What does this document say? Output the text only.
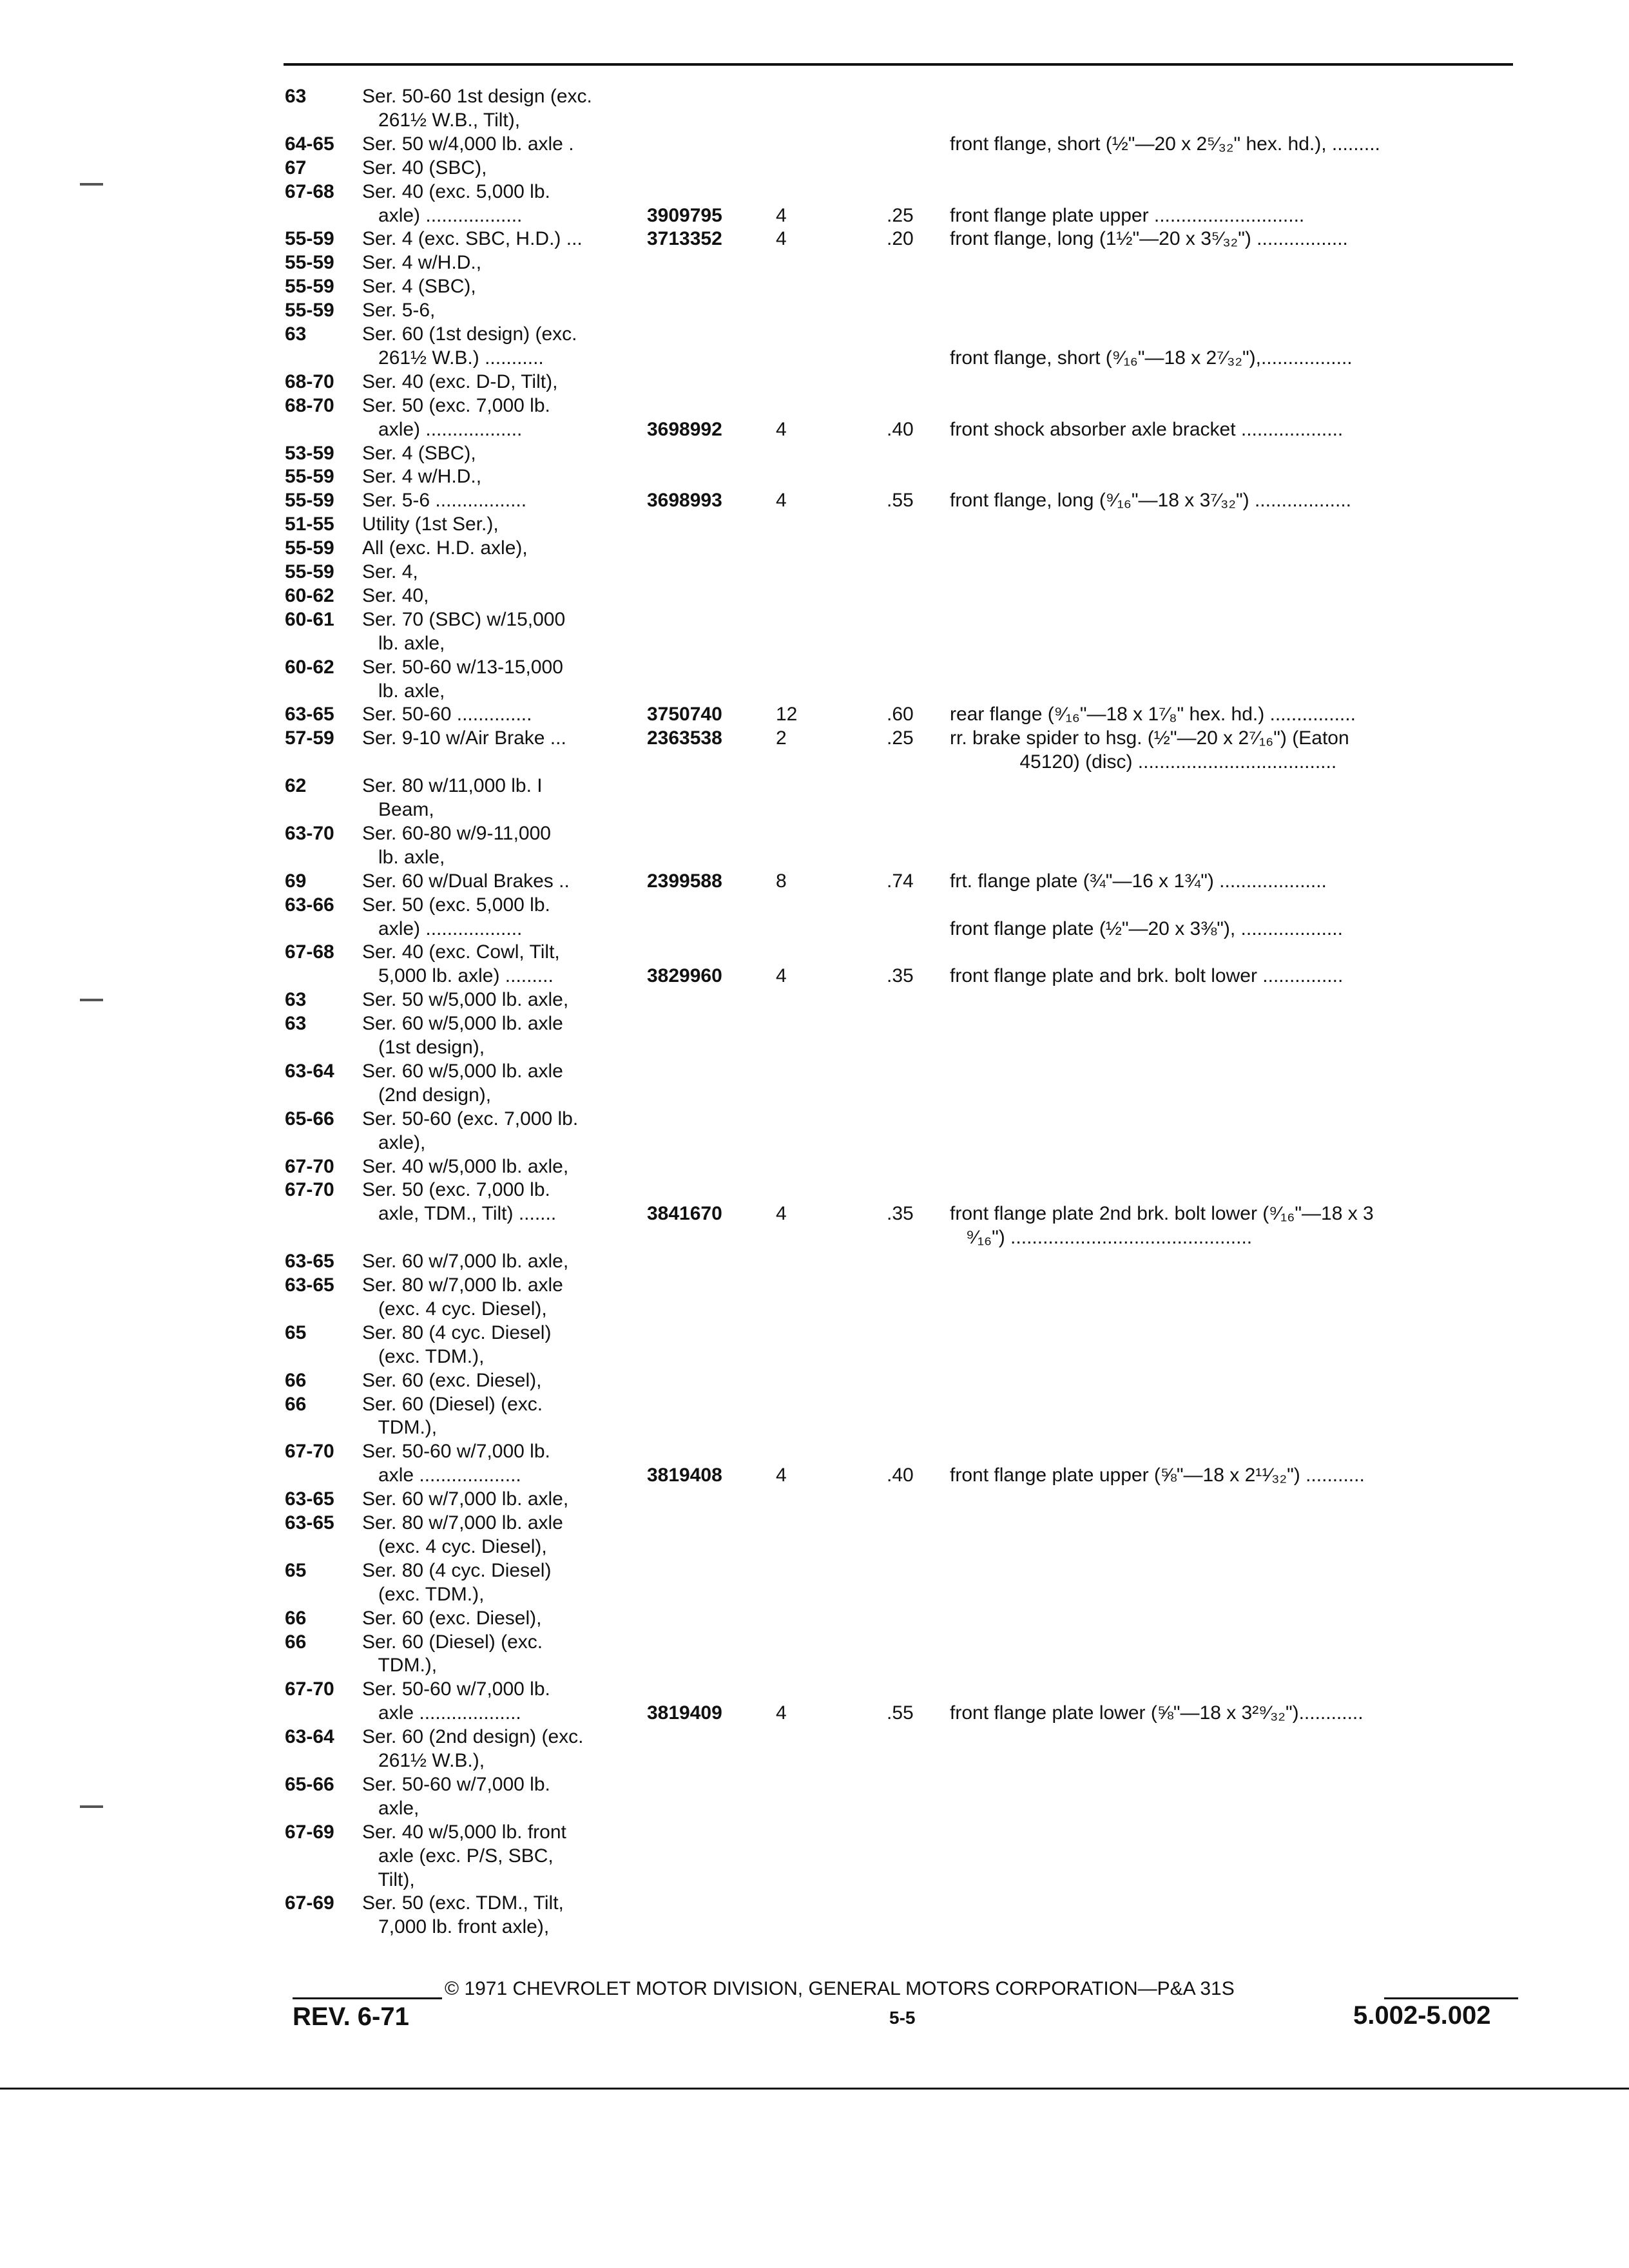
63	Ser. 50-60 1st design (exc.
261½ W.B., Tilt),
64-65 Ser. 50 w/4,000 lb. axle .	front flange, short (½"—20 x 2⁵⁄₃₂" hex. hd.), .........
67	Ser. 40 (SBC),
67-68 Ser. 40 (exc. 5,000 lb.
axle) ..................	3909795	4	.25 front flange plate upper ............................
55-59 Ser. 4 (exc. SBC, H.D.) ...	3713352	4	.20 front flange, long (1½"—20 x 3⁵⁄₃₂") .................
55-59 Ser. 4 w/H.D.,
55-59 Ser. 4 (SBC),
55-59 Ser. 5-6,
63	Ser. 60 (1st design) (exc.
261½ W.B.) ...........	front flange, short (⁹⁄₁₆"—18 x 2⁷⁄₃₂"),.................
68-70 Ser. 40 (exc. D-D, Tilt),
68-70 Ser. 50 (exc. 7,000 lb.
axle) ..................	3698992	4	.40 front shock absorber axle bracket ...................
53-59 Ser. 4 (SBC),
55-59 Ser. 4 w/H.D.,
55-59 Ser. 5-6 .................	3698993	4	.55 front flange, long (⁹⁄₁₆"—18 x 3⁷⁄₃₂") ..................
51-55 Utility (1st Ser.),
55-59 All (exc. H.D. axle),
55-59 Ser. 4,
60-62 Ser. 40,
60-61 Ser. 70 (SBC) w/15,000
lb. axle,
60-62 Ser. 50-60 w/13-15,000
lb. axle,
63-65 Ser. 50-60 ..............	3750740	12	.60 rear flange (⁹⁄₁₆"—18 x 1⁷⁄₈" hex. hd.) ................
57-59 Ser. 9-10 w/Air Brake ...	2363538	2	.25 rr. brake spider to hsg. (½"—20 x 2⁷⁄₁₆") (Eaton
45120) (disc) .....................................
62	Ser. 80 w/11,000 lb. I
Beam,
63-70 Ser. 60-80 w/9-11,000
lb. axle,
69	Ser. 60 w/Dual Brakes ..	2399588	8	.74 frt. flange plate (¾"—16 x 1¾") ....................
63-66 Ser. 50 (exc. 5,000 lb.
axle) ..................	front flange plate (½"—20 x 3⅜"), ...................
67-68 Ser. 40 (exc. Cowl, Tilt,
5,000 lb. axle) .........	3829960	4	.35 front flange plate and brk. bolt lower ...............
63	Ser. 50 w/5,000 lb. axle,
63	Ser. 60 w/5,000 lb. axle
(1st design),
63-64 Ser. 60 w/5,000 lb. axle
(2nd design),
65-66 Ser. 50-60 (exc. 7,000 lb.
axle),
67-70 Ser. 40 w/5,000 lb. axle,
67-70 Ser. 50 (exc. 7,000 lb.
axle, TDM., Tilt) .......	3841670	4	.35 front flange plate 2nd brk. bolt lower (⁹⁄₁₆"—18 x 3
⁹⁄₁₆") .............................................
63-65 Ser. 60 w/7,000 lb. axle,
63-65 Ser. 80 w/7,000 lb. axle
(exc. 4 cyc. Diesel),
65	Ser. 80 (4 cyc. Diesel)
(exc. TDM.),
66	Ser. 60 (exc. Diesel),
66	Ser. 60 (Diesel) (exc.
TDM.),
67-70 Ser. 50-60 w/7,000 lb.
axle ...................	3819408	4	.40 front flange plate upper (⅝"—18 x 2¹¹⁄₃₂") ...........
63-65 Ser. 60 w/7,000 lb. axle,
63-65 Ser. 80 w/7,000 lb. axle
(exc. 4 cyc. Diesel),
65	Ser. 80 (4 cyc. Diesel)
(exc. TDM.),
66	Ser. 60 (exc. Diesel),
66	Ser. 60 (Diesel) (exc.
TDM.),
67-70 Ser. 50-60 w/7,000 lb.
axle ...................	3819409	4	.55 front flange plate lower (⅝"—18 x 3²⁹⁄₃₂")............
63-64 Ser. 60 (2nd design) (exc.
261½ W.B.),
65-66 Ser. 50-60 w/7,000 lb.
axle,
67-69 Ser. 40 w/5,000 lb. front
axle (exc. P/S, SBC,
Tilt),
67-69 Ser. 50 (exc. TDM., Tilt,
7,000 lb. front axle),
© 1971 CHEVROLET MOTOR DIVISION, GENERAL MOTORS CORPORATION—P&A 31S
REV. 6-71	5-5	5.002-5.002
